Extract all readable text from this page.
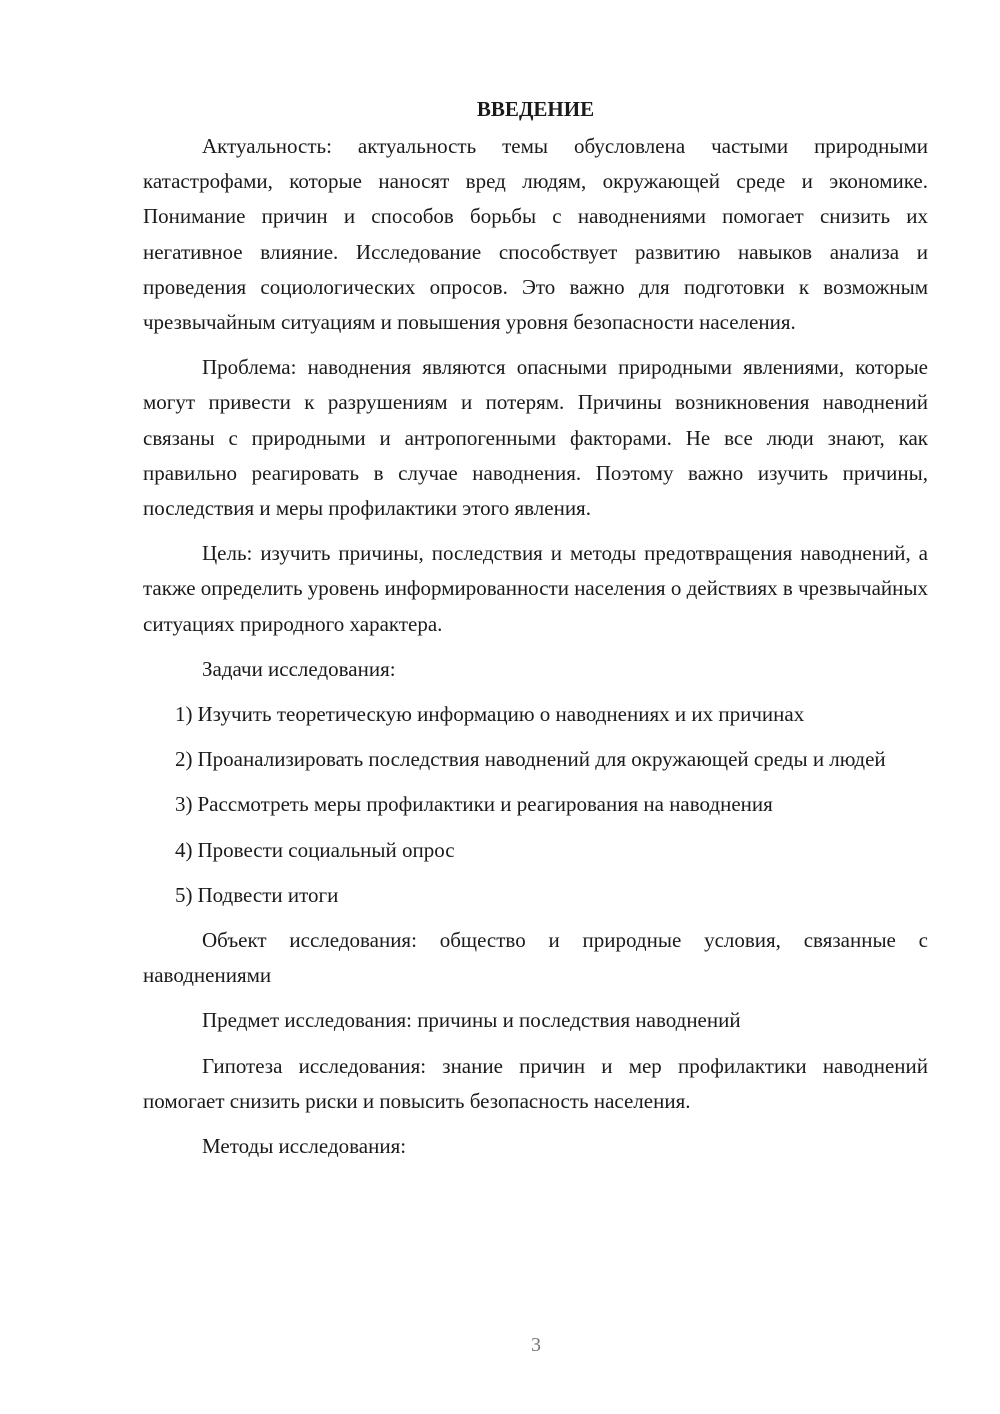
ВВЕДЕНИЕ

Актуальность: актуальность темы обусловлена частыми природными катастрофами, которые наносят вред людям, окружающей среде и экономике. Понимание причин и способов борьбы с наводнениями помогает снизить их негативное влияние. Исследование способствует развитию навыков анализа и проведения социологических опросов. Это важно для подготовки к возможным чрезвычайным ситуациям и повышения уровня безопасности населения.

Проблема: наводнения являются опасными природными явлениями, которые могут привести к разрушениям и потерям. Причины возникновения наводнений связаны с природными и антропогенными факторами. Не все люди знают, как правильно реагировать в случае наводнения. Поэтому важно изучить причины, последствия и меры профилактики этого явления.

Цель: изучить причины, последствия и методы предотвращения наводнений, а также определить уровень информированности населения о действиях в чрезвычайных ситуациях природного характера.

Задачи исследования:

1) Изучить теоретическую информацию о наводнениях и их причинах

2) Проанализировать последствия наводнений для окружающей среды и людей

3) Рассмотреть меры профилактики и реагирования на наводнения

4) Провести социальный опрос

5) Подвести итоги

Объект исследования: общество и природные условия, связанные с наводнениями

Предмет исследования: причины и последствия наводнений

Гипотеза исследования: знание причин и мер профилактики наводнений помогает снизить риски и повысить безопасность населения.

Методы исследования:

3
